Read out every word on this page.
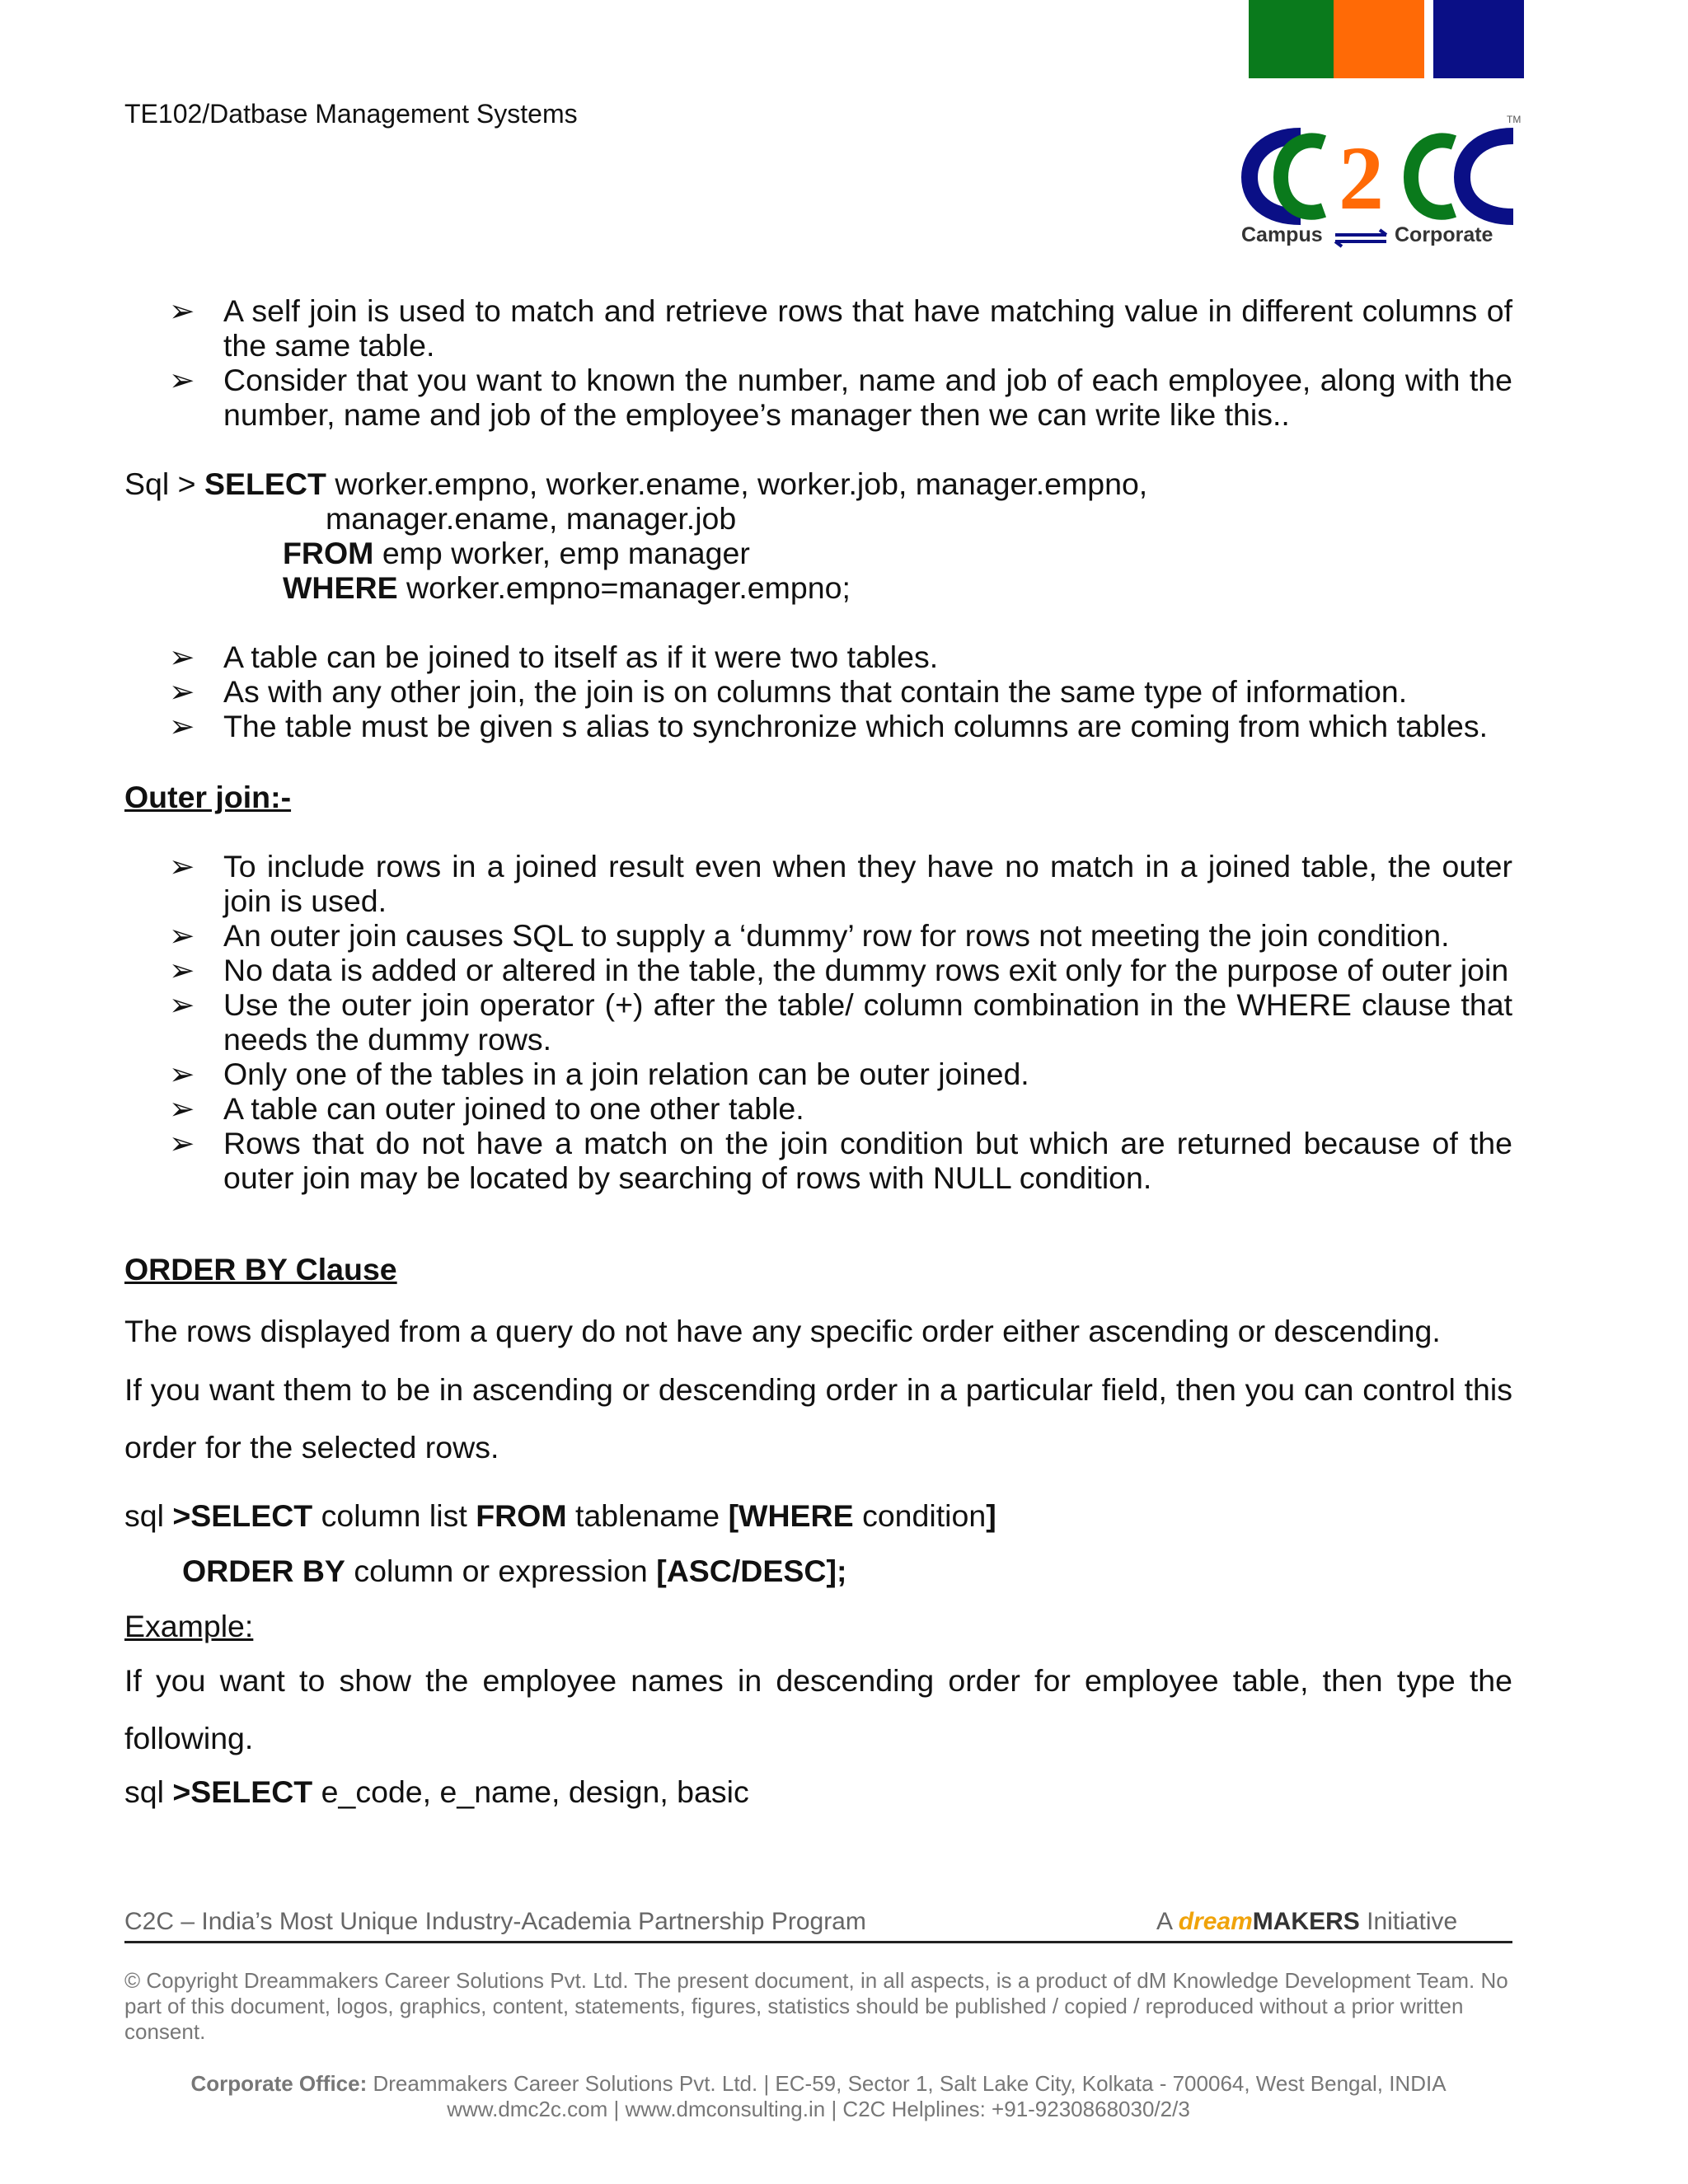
TE102/Datbase Management Systems
2
TM
Campus	Corporate
➢ A self join is used to match and retrieve rows that have matching value in different columns of the same table.
➢ Consider that you want to known the number, name and job of each employee, along with the number, name and job of the employee’s manager then we can write like this..
Sql > SELECT worker.empno, worker.ename, worker.job, manager.empno,
manager.ename, manager.job
FROM emp worker, emp manager
WHERE worker.empno=manager.empno;
➢ A table can be joined to itself as if it were two tables.
➢ As with any other join, the join is on columns that contain the same type of information.
➢ The table must be given s alias to synchronize which columns are coming from which tables.
Outer join:-
➢ To include rows in a joined result even when they have no match in a joined table, the outer join is used.
➢ An outer join causes SQL to supply a ‘dummy’ row for rows not meeting the join condition.
➢ No data is added or altered in the table, the dummy rows exit only for the purpose of outer join
➢ Use the outer join operator (+) after the table/ column combination in the WHERE clause that needs the dummy rows.
➢ Only one of the tables in a join relation can be outer joined.
➢ A table can outer joined to one other table.
➢ Rows that do not have a match on the join condition but which are returned because of the outer join may be located by searching of rows with NULL condition.
ORDER BY Clause
The rows displayed from a query do not have any specific order either ascending or descending.
If you want them to be in ascending or descending order in a particular field, then you can control this order for the selected rows.
sql >SELECT column list FROM tablename [WHERE condition]
ORDER BY column or expression [ASC/DESC];
Example:
If you want to show the employee names in descending order for employee table, then type the following.
sql >SELECT e_code, e_name, design, basic
C2C – India’s Most Unique Industry-Academia Partnership Program	A dreamMAKERS Initiative
© Copyright Dreammakers Career Solutions Pvt. Ltd. The present document, in all aspects, is a product of dM Knowledge Development Team. No part of this document, logos, graphics, content, statements, figures, statistics should be published / copied / reproduced without a prior written consent.
Corporate Office: Dreammakers Career Solutions Pvt. Ltd. | EC-59, Sector 1, Salt Lake City, Kolkata - 700064, West Bengal, INDIA
www.dmc2c.com | www.dmconsulting.in | C2C Helplines: +91-9230868030/2/3
